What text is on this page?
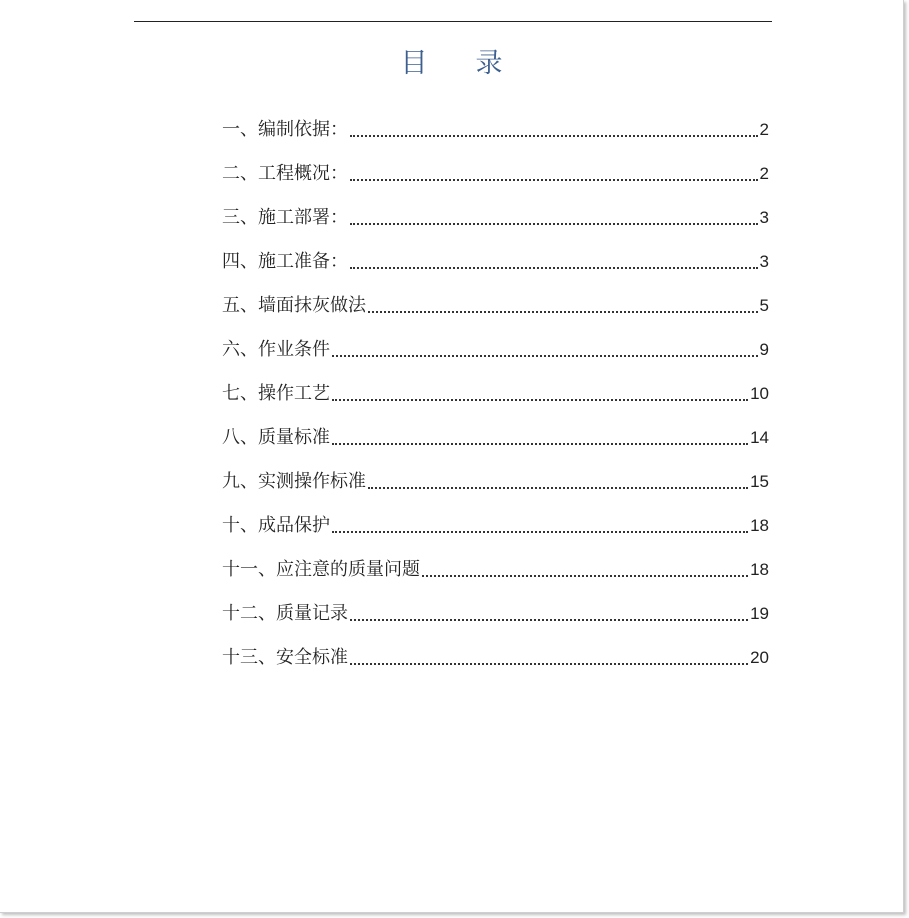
目录
一、编制依据：	2
二、工程概况：	2
三、施工部署：	3
四、施工准备：	3
五、墙面抹灰做法	5
六、作业条件	9
七、操作工艺	10
八、质量标准	14
九、实测操作标准	15
十、成品保护	18
十一、应注意的质量问题	18
十二、质量记录	19
十三、安全标准	20
